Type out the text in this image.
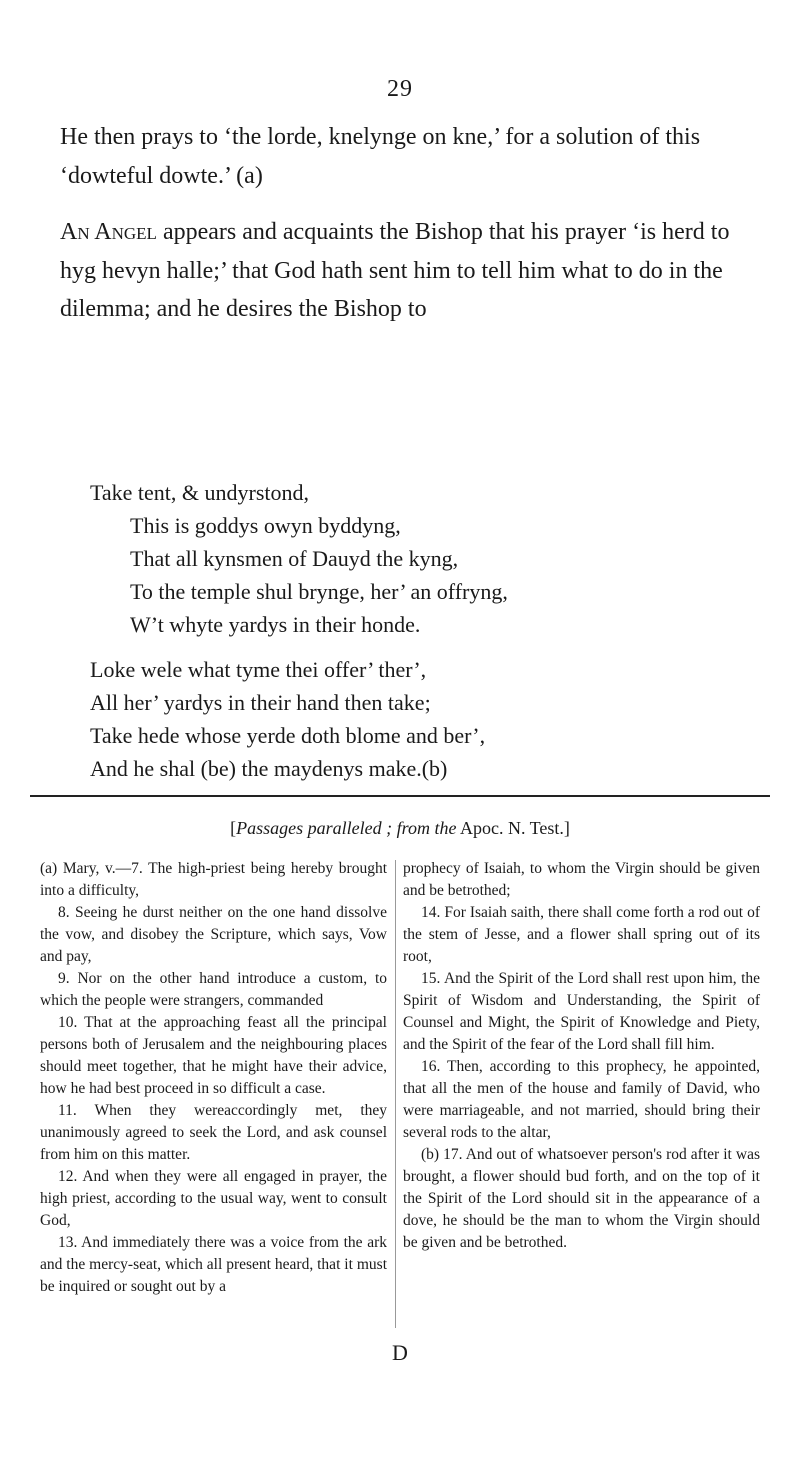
29

He then prays to ‘the lorde, knelynge on kne,’ for a solution of this ‘dowteful dowte.’ (a)

An Angel appears and acquaints the Bishop that his prayer ‘is herd to hyg hevyn halle;’ that God hath sent him to tell him what to do in the dilemma; and he desires the Bishop to

Take tent, & undyrstond,
This is goddys owyn byddyng,
That all kynsmen of Dauyd the kyng,
To the temple shul brynge, her’ an offryng,
W’t whyte yardys in their honde.
Loke wele what tyme thei offer’ ther’,
All her’ yardys in their hand then take;
Take hede whose yerde doth blome and ber’,
And he shal (be) the maydenys make.(b)
[Passages paralleled ; from the Apoc. N. Test.]

(a) Mary, v.—7. The high-priest being hereby brought into a difficulty,

8. Seeing he durst neither on the one hand dissolve the vow, and disobey the Scripture, which says, Vow and pay,

9. Nor on the other hand introduce a custom, to which the people were strangers, commanded

10. That at the approaching feast all the principal persons both of Jerusalem and the neighbouring places should meet together, that he might have their advice, how he had best proceed in so difficult a case.

11. When they wereaccordingly met, they unanimously agreed to seek the Lord, and ask counsel from him on this matter.

12. And when they were all engaged in prayer, the high priest, according to the usual way, went to consult God,

13. And immediately there was a voice from the ark and the mercy-seat, which all present heard, that it must be inquired or sought out by a

prophecy of Isaiah, to whom the Virgin should be given and be betrothed;

14. For Isaiah saith, there shall come forth a rod out of the stem of Jesse, and a flower shall spring out of its root,

15. And the Spirit of the Lord shall rest upon him, the Spirit of Wisdom and Understanding, the Spirit of Counsel and Might, the Spirit of Knowledge and Piety, and the Spirit of the fear of the Lord shall fill him.

16. Then, according to this prophecy, he appointed, that all the men of the house and family of David, who were marriageable, and not married, should bring their several rods to the altar,

(b) 17. And out of whatsoever person's rod after it was brought, a flower should bud forth, and on the top of it the Spirit of the Lord should sit in the appearance of a dove, he should be the man to whom the Virgin should be given and be betrothed.

D
